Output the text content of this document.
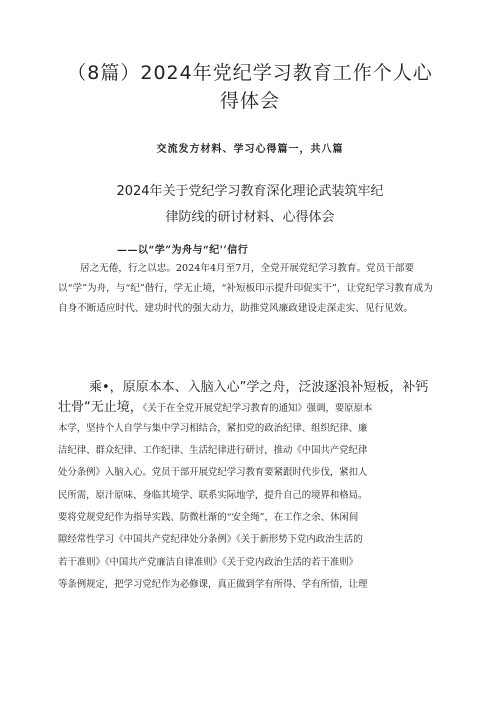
（8篇）2024年党纪学习教育工作个人心
得体会
交流发方材料、学习心得篇一，共八篇
2024年关于党纪学习教育深化理论武装筑牢纪
律防线的研讨材料、心得体会
——以“学”为舟与“纪'’信行
居之无倦，行之以忠。2024年4月至7月，全党开展党纪学习教育。党员干部要以“学”为舟，与“纪”偕行，学无止境，“补短板印示提升印促实干”，让党纪学习教育成为自身不断适应时代、建功时代的强大动力，助推党风廉政建设走深走实、见行见效。
乘•，原原本本、入脑入心”学之舟，泛波逐浪补短板，补钙
壮骨“无止境，《关于在全党开展党纪学习教育的通知》强调，要原原本
本学，坚持个人自学与集中学习相结合，紧扣党的政治纪律、组织纪律、廉
洁纪律、群众纪律、工作纪律、生活纪律进行研讨，推动《中国共产党纪律
处分条例》入脑入心。党员干部开展党纪学习教育要紧跟时代步伐，紧扣人
民所需，原汁原味、身临其境学、联系实际地学，提升自己的境界和格局。
要将党规党纪作为指导实践、防微杜渐的“安全绳”，在工作之余、休闲间
隙经常性学习《中国共产党纪律处分条例》《关于新形势下党内政治生活的
若干准则》《中国共产党廉洁自律准则》《关于党内政治生活的若干准则》
等条例规定，把学习党纪作为必修课，真正做到学有所得、学有所悟，让理
